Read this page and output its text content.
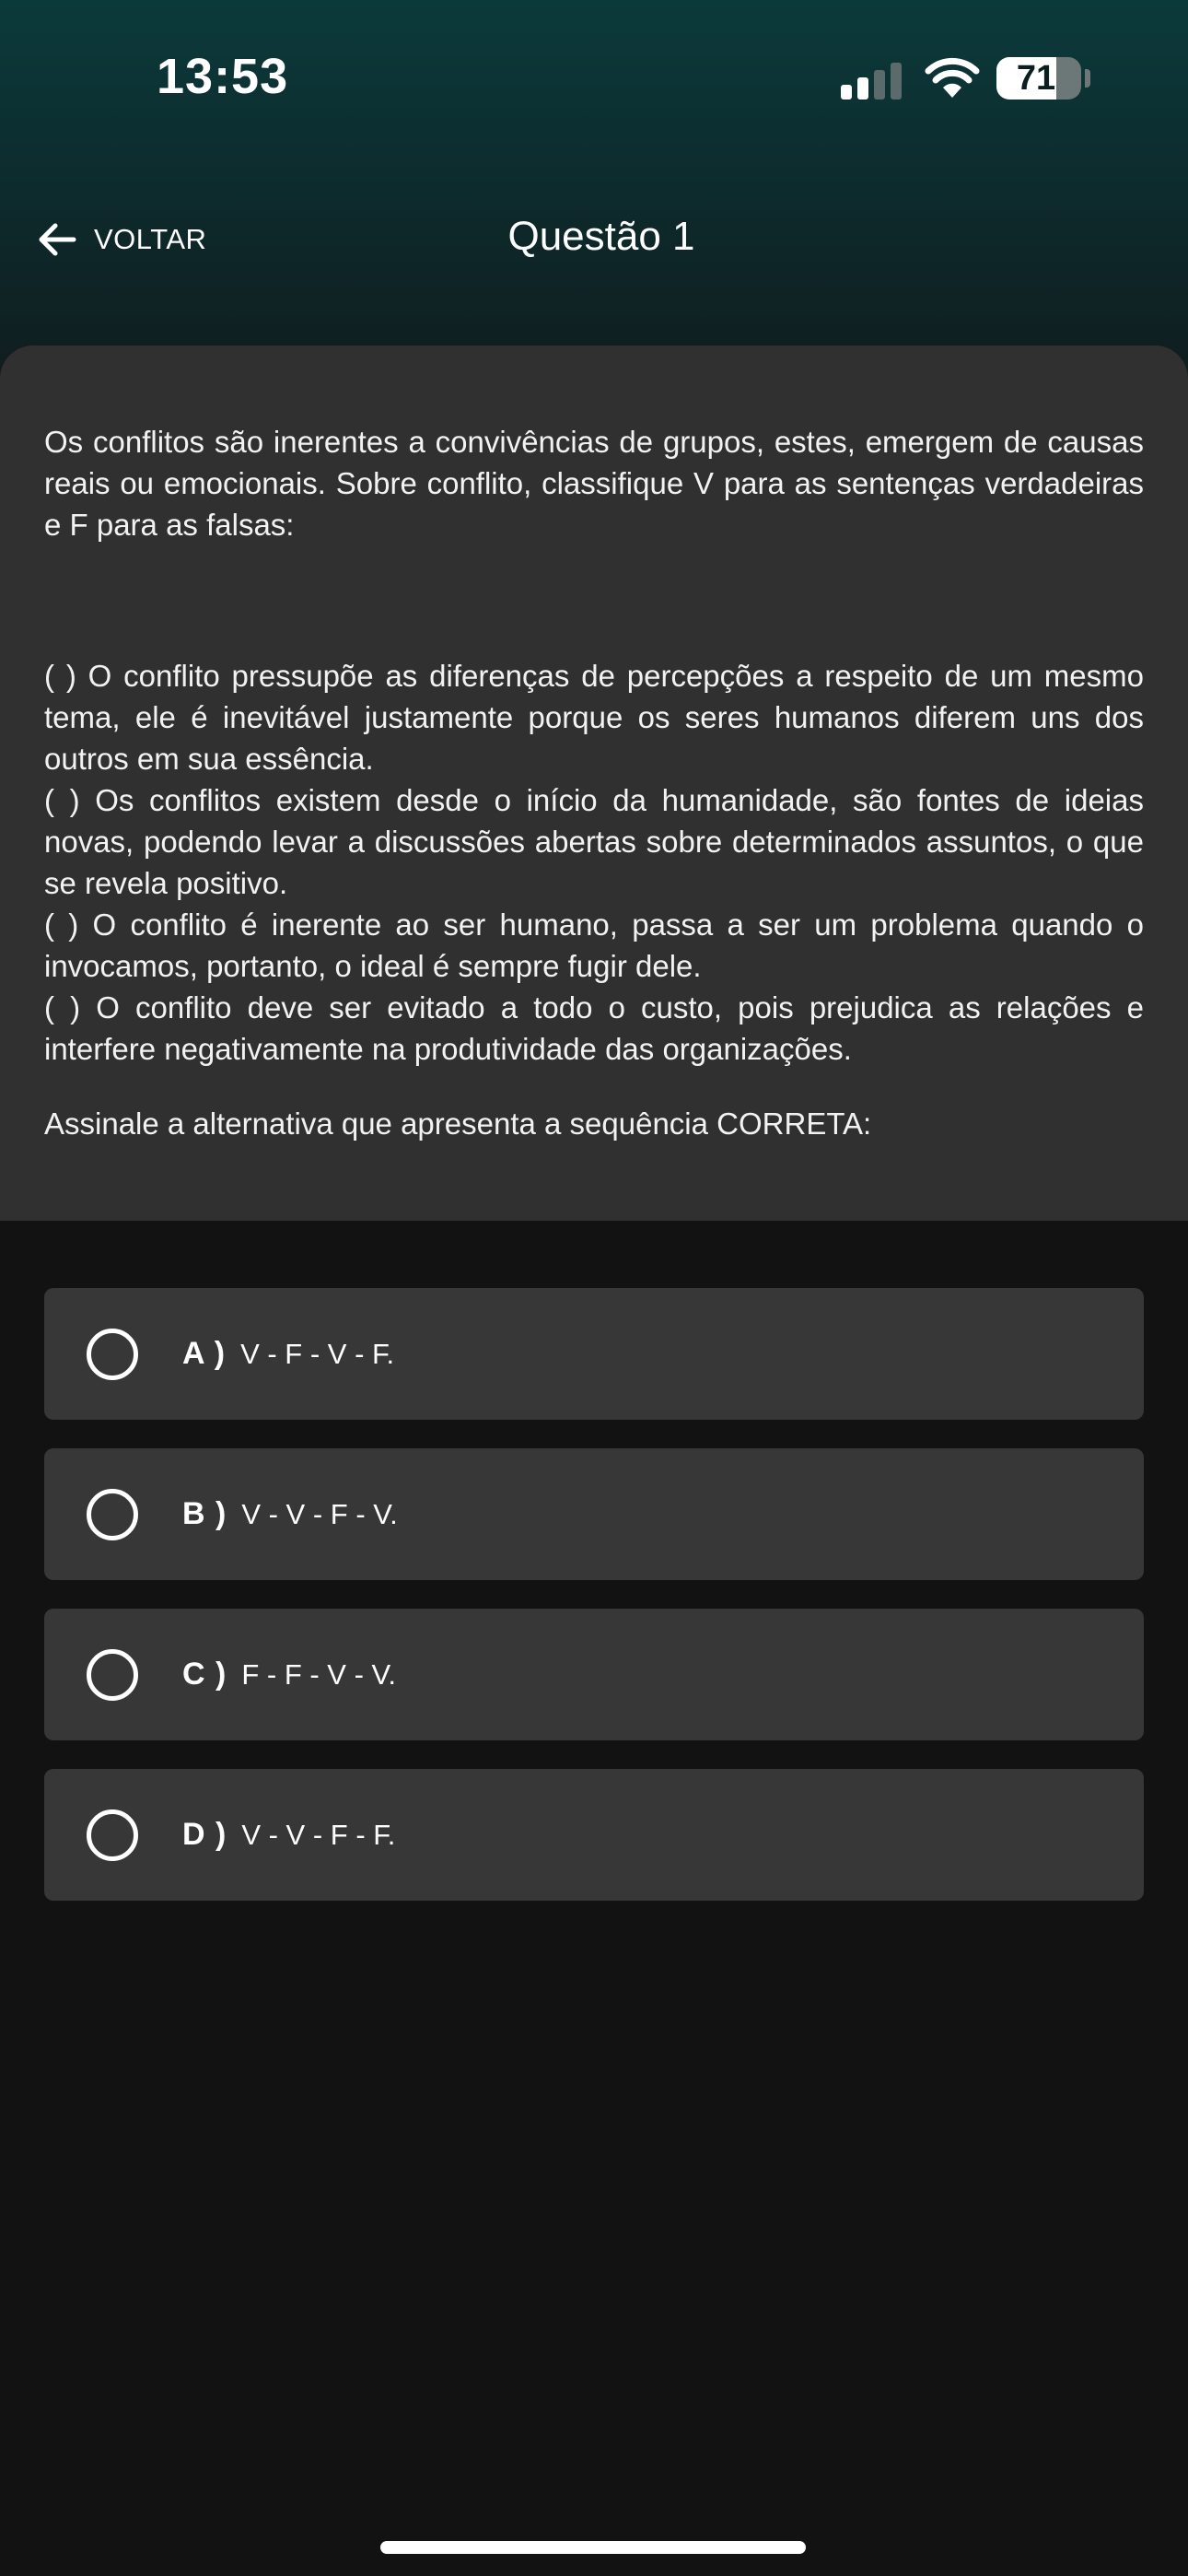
13:53	71
VOLTAR	Questão 1

Os conflitos são inerentes a convivências de grupos, estes, emergem de causas reais ou emocionais. Sobre conflito, classifique V para as sentenças verdadeiras e F para as falsas:

( ) O conflito pressupõe as diferenças de percepções a respeito de um mesmo tema, ele é inevitável justamente porque os seres humanos diferem uns dos outros em sua essência.

( ) Os conflitos existem desde o início da humanidade, são fontes de ideias novas, podendo levar a discussões abertas sobre determinados assuntos, o que se revela positivo.

( ) O conflito é inerente ao ser humano, passa a ser um problema quando o invocamos, portanto, o ideal é sempre fugir dele.

( ) O conflito deve ser evitado a todo o custo, pois prejudica as relações e interfere negativamente na produtividade das organizações.

Assinale a alternativa que apresenta a sequência CORRETA:

A ) V - F - V - F.
B ) V - V - F - V.
C ) F - F - V - V.
D ) V - V - F - F.
